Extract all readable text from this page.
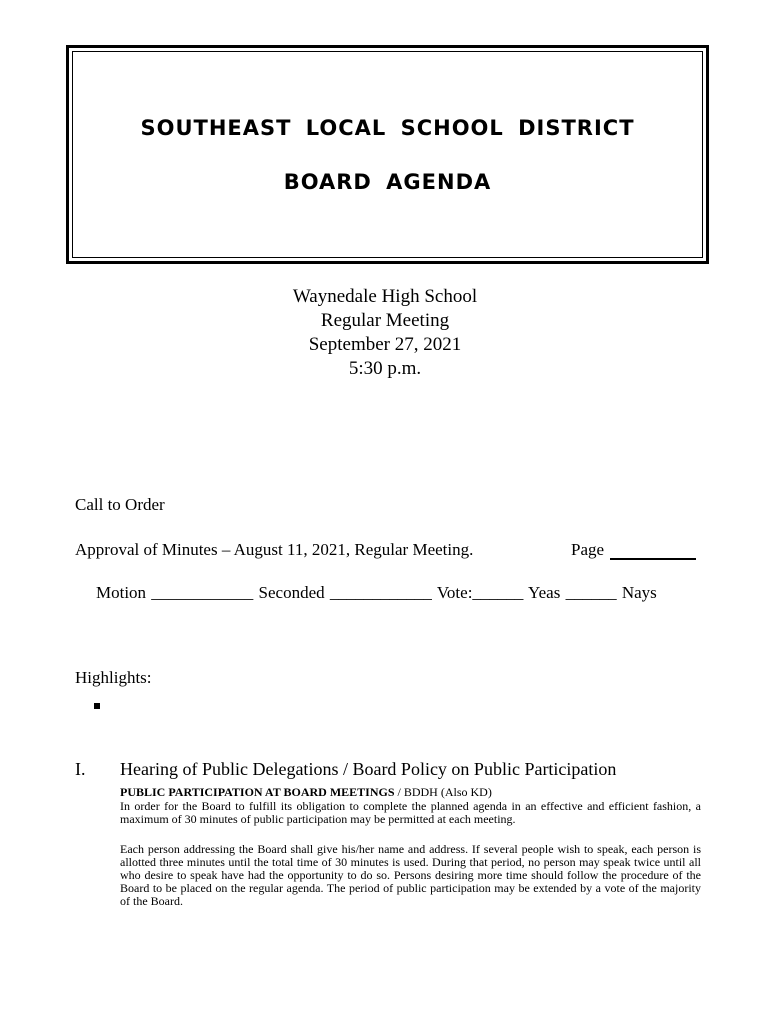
SOUTHEAST LOCAL SCHOOL DISTRICT
BOARD AGENDA
Waynedale High School
Regular Meeting
September 27, 2021
5:30 p.m.
Call to Order
Approval of Minutes – August 11, 2021, Regular Meeting.	Page
Motion ____________ Seconded ____________ Vote:______ Yeas ______ Nays
Highlights:
I. Hearing of Public Delegations / Board Policy on Public Participation
PUBLIC PARTICIPATION AT BOARD MEETINGS / BDDH (Also KD)
In order for the Board to fulfill its obligation to complete the planned agenda in an effective and efficient fashion, a maximum of 30 minutes of public participation may be permitted at each meeting.
Each person addressing the Board shall give his/her name and address. If several people wish to speak, each person is allotted three minutes until the total time of 30 minutes is used. During that period, no person may speak twice until all who desire to speak have had the opportunity to do so. Persons desiring more time should follow the procedure of the Board to be placed on the regular agenda. The period of public participation may be extended by a vote of the majority of the Board.
